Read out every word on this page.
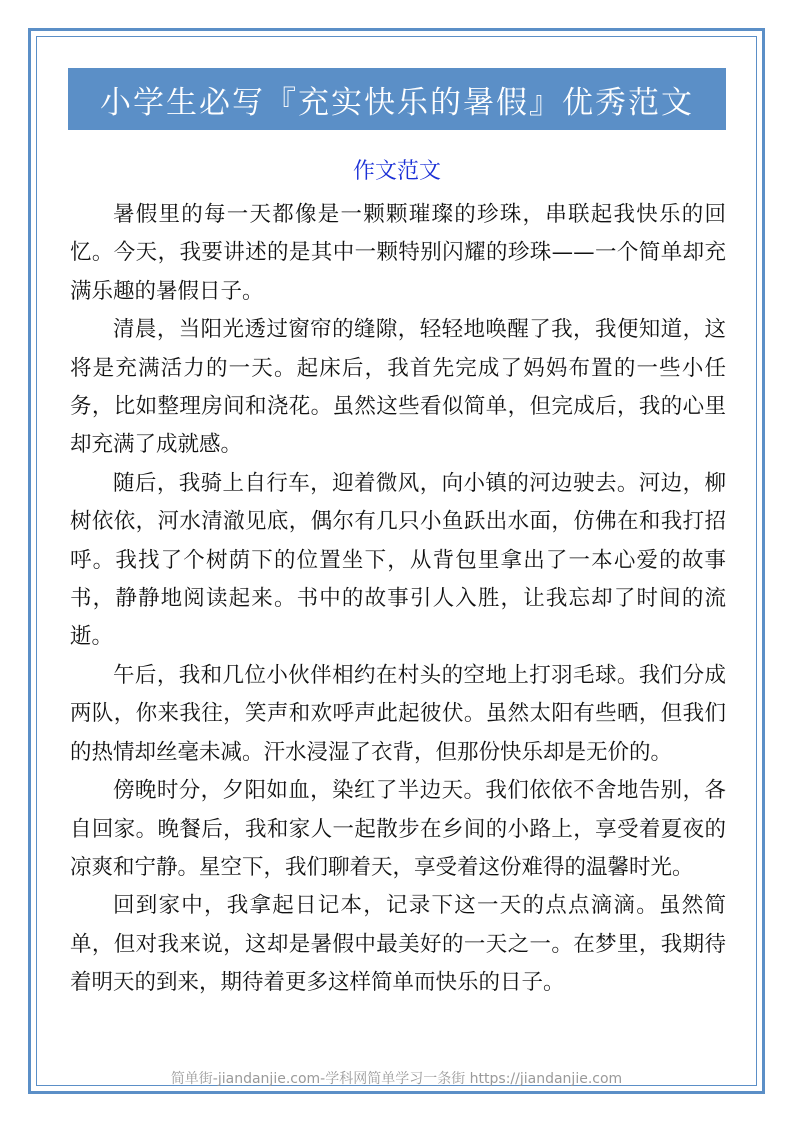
小学生必写『充实快乐的暑假』优秀范文
作文范文

暑假里的每一天都像是一颗颗璀璨的珍珠，串联起我快乐的回忆。今天，我要讲述的是其中一颗特别闪耀的珍珠——一个简单却充满乐趣的暑假日子。

清晨，当阳光透过窗帘的缝隙，轻轻地唤醒了我，我便知道，这将是充满活力的一天。起床后，我首先完成了妈妈布置的一些小任务，比如整理房间和浇花。虽然这些看似简单，但完成后，我的心里却充满了成就感。

随后，我骑上自行车，迎着微风，向小镇的河边驶去。河边，柳树依依，河水清澈见底，偶尔有几只小鱼跃出水面，仿佛在和我打招呼。我找了个树荫下的位置坐下，从背包里拿出了一本心爱的故事书，静静地阅读起来。书中的故事引人入胜，让我忘却了时间的流逝。

午后，我和几位小伙伴相约在村头的空地上打羽毛球。我们分成两队，你来我往，笑声和欢呼声此起彼伏。虽然太阳有些晒，但我们的热情却丝毫未减。汗水浸湿了衣背，但那份快乐却是无价的。

傍晚时分，夕阳如血，染红了半边天。我们依依不舍地告别，各自回家。晚餐后，我和家人一起散步在乡间的小路上，享受着夏夜的凉爽和宁静。星空下，我们聊着天，享受着这份难得的温馨时光。

回到家中，我拿起日记本，记录下这一天的点点滴滴。虽然简单，但对我来说，这却是暑假中最美好的一天之一。在梦里，我期待着明天的到来，期待着更多这样简单而快乐的日子。

简单街-jiandanjie.com-学科网简单学习一条街 https://jiandanjie.com
